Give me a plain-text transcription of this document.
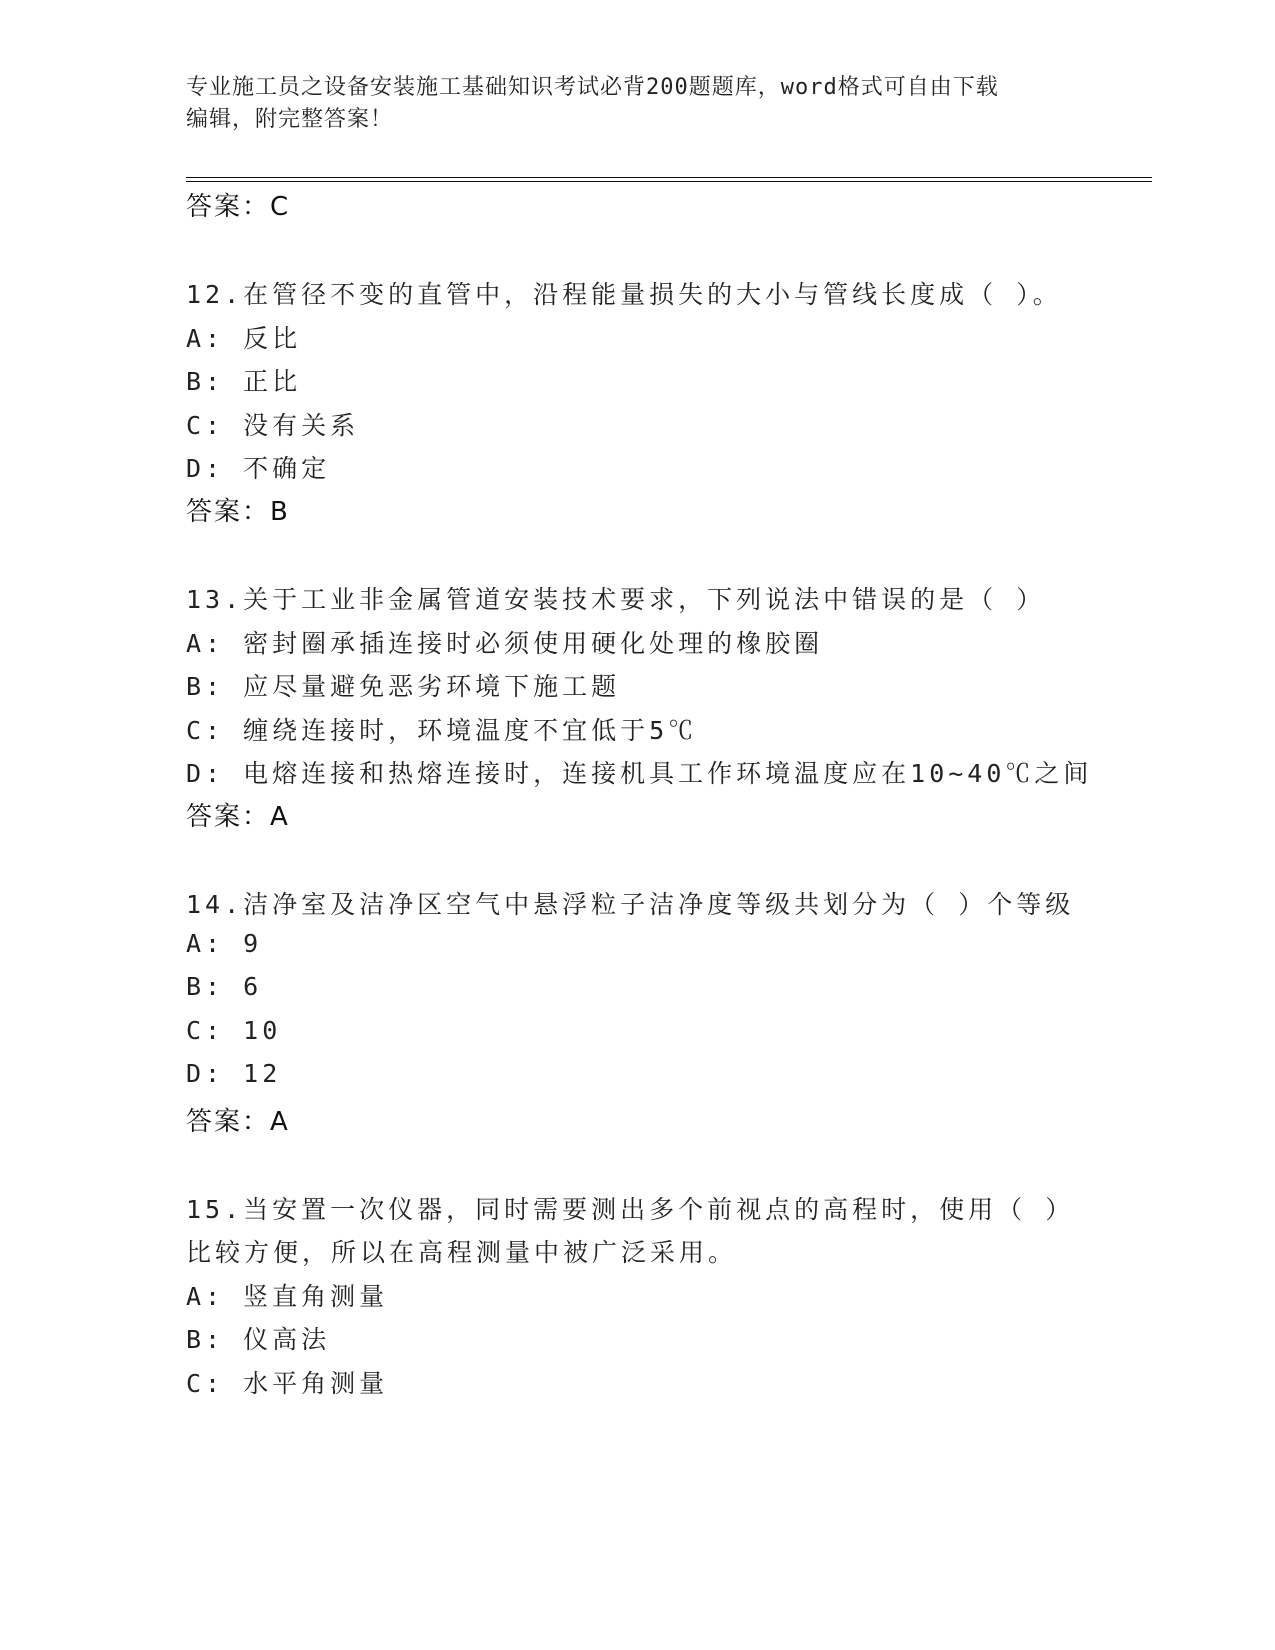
专业施工员之设备安装施工基础知识考试必背200题题库，word格式可自由下载
编辑，附完整答案！
答案：C
12.在管径不变的直管中，沿程能量损失的大小与管线长度成（ ）。
A: 反比
B: 正比
C: 没有关系
D: 不确定
答案：B
13.关于工业非金属管道安装技术要求，下列说法中错误的是（ ）
A: 密封圈承插连接时必须使用硬化处理的橡胶圈
B: 应尽量避免恶劣环境下施工题
C: 缠绕连接时，环境温度不宜低于5℃
D: 电熔连接和热熔连接时，连接机具工作环境温度应在10~40℃之间
答案：A
14.洁净室及洁净区空气中悬浮粒子洁净度等级共划分为（ ）个等级
A: 9
B: 6
C: 10
D: 12
答案：A
15.当安置一次仪器，同时需要测出多个前视点的高程时，使用（ ）
比较方便，所以在高程测量中被广泛采用。
A: 竖直角测量
B: 仪高法
C: 水平角测量
